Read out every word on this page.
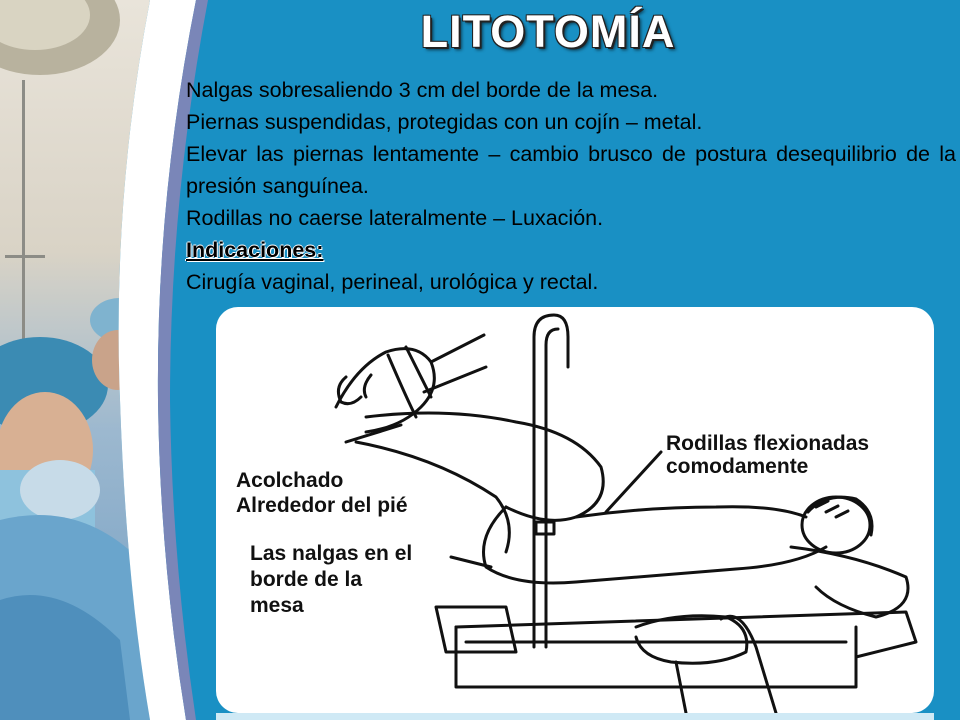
LITOTOMÍA

Nalgas sobresaliendo 3 cm del borde de la mesa.

Piernas suspendidas, protegidas con un cojín – metal.

Elevar las piernas lentamente – cambio brusco de postura desequilibrio de la presión sanguínea.

Rodillas no caerse lateralmente – Luxación.

Indicaciones:

Cirugía vaginal, perineal, urológica y rectal.

Rodillas flexionadas
comodamente
Acolchado
Alrededor del pié
Las nalgas en el
borde de la
mesa
